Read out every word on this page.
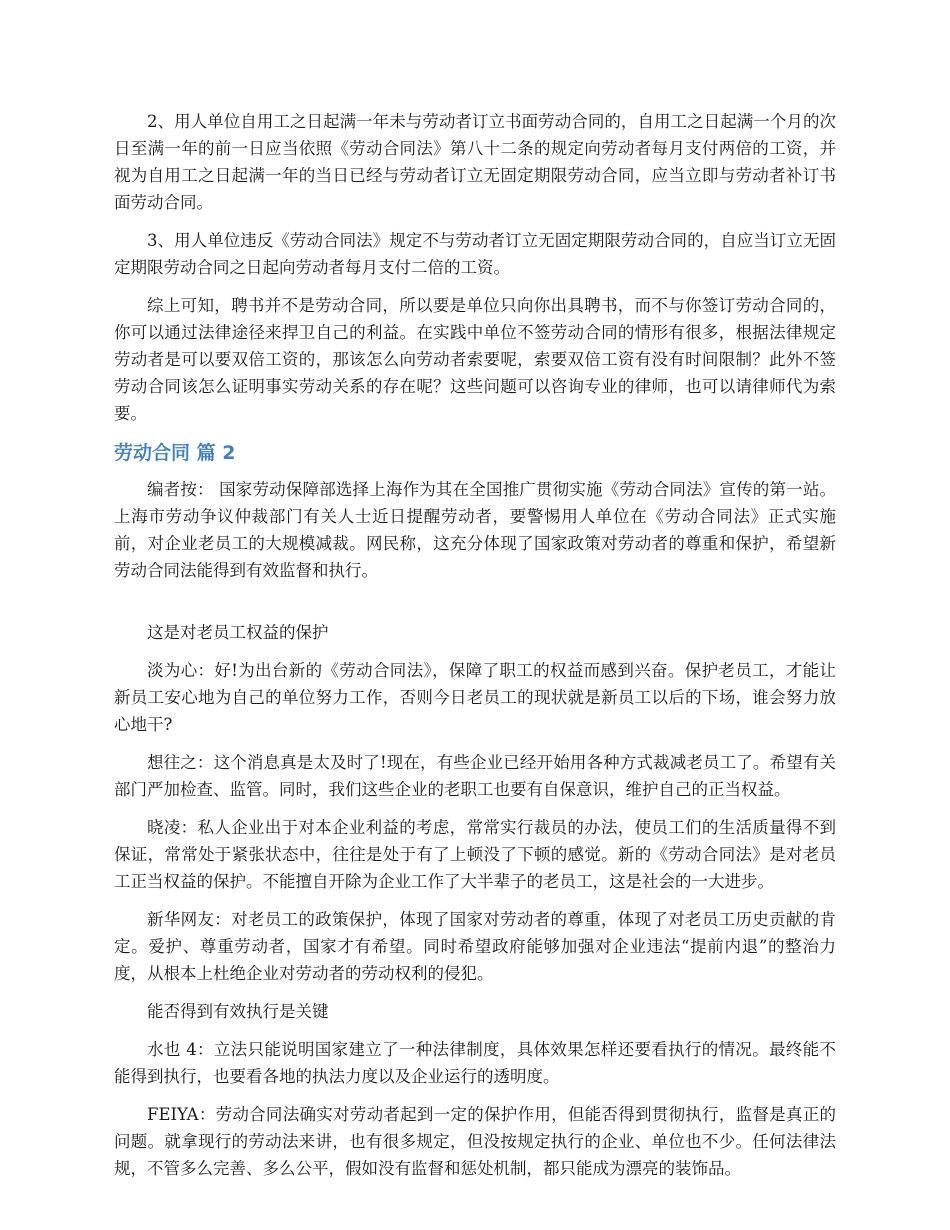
2、用人单位自用工之日起满一年未与劳动者订立书面劳动合同的，自用工之日起满一个月的次日至满一年的前一日应当依照《劳动合同法》第八十二条的规定向劳动者每月支付两倍的工资，并视为自用工之日起满一年的当日已经与劳动者订立无固定期限劳动合同，应当立即与劳动者补订书面劳动合同。

3、用人单位违反《劳动合同法》规定不与劳动者订立无固定期限劳动合同的，自应当订立无固定期限劳动合同之日起向劳动者每月支付二倍的工资。

综上可知，聘书并不是劳动合同，所以要是单位只向你出具聘书，而不与你签订劳动合同的，你可以通过法律途径来捍卫自己的利益。在实践中单位不签劳动合同的情形有很多，根据法律规定劳动者是可以要双倍工资的，那该怎么向劳动者索要呢，索要双倍工资有没有时间限制？此外不签劳动合同该怎么证明事实劳动关系的存在呢？这些问题可以咨询专业的律师，也可以请律师代为索要。

劳动合同 篇 2

编者按： 国家劳动保障部选择上海作为其在全国推广贯彻实施《劳动合同法》宣传的第一站。上海市劳动争议仲裁部门有关人士近日提醒劳动者，要警惕用人单位在《劳动合同法》正式实施前，对企业老员工的大规模减裁。网民称，这充分体现了国家政策对劳动者的尊重和保护，希望新劳动合同法能得到有效监督和执行。

这是对老员工权益的保护

淡为心：好!为出台新的《劳动合同法》，保障了职工的权益而感到兴奋。保护老员工，才能让新员工安心地为自己的单位努力工作，否则今日老员工的现状就是新员工以后的下场，谁会努力放心地干?

想往之：这个消息真是太及时了!现在，有些企业已经开始用各种方式裁减老员工了。希望有关部门严加检查、监管。同时，我们这些企业的老职工也要有自保意识，维护自己的正当权益。

晓凌：私人企业出于对本企业利益的考虑，常常实行裁员的办法，使员工们的生活质量得不到保证，常常处于紧张状态中，往往是处于有了上顿没了下顿的感觉。新的《劳动合同法》是对老员工正当权益的保护。不能擅自开除为企业工作了大半辈子的老员工，这是社会的一大进步。

新华网友：对老员工的政策保护，体现了国家对劳动者的尊重，体现了对老员工历史贡献的肯定。爱护、尊重劳动者，国家才有希望。同时希望政府能够加强对企业违法“提前内退”的整治力度，从根本上杜绝企业对劳动者的劳动权利的侵犯。

能否得到有效执行是关键

水也 4：立法只能说明国家建立了一种法律制度，具体效果怎样还要看执行的情况。最终能不能得到执行，也要看各地的执法力度以及企业运行的透明度。

FEIYA：劳动合同法确实对劳动者起到一定的保护作用，但能否得到贯彻执行，监督是真正的问题。就拿现行的劳动法来讲，也有很多规定，但没按规定执行的企业、单位也不少。任何法律法规，不管多么完善、多么公平，假如没有监督和惩处机制，都只能成为漂亮的装饰品。
